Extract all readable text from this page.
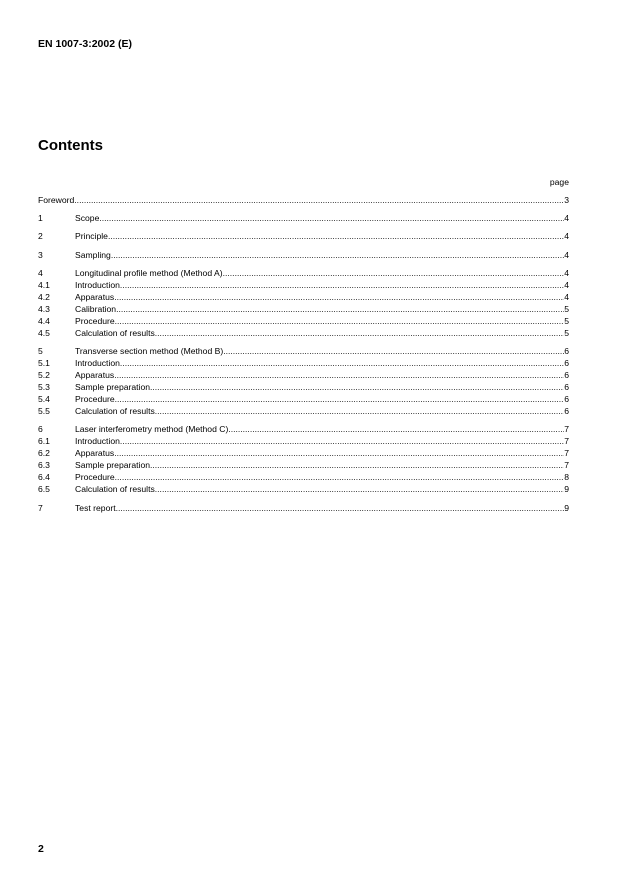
EN 1007-3:2002 (E)
Contents
page
Foreword .....	3
1	Scope .....	4
2	Principle .....	4
3	Sampling .....	4
4	Longitudinal profile method (Method A) .....	4
4.1	Introduction .....	4
4.2	Apparatus .....	4
4.3	Calibration .....	5
4.4	Procedure .....	5
4.5	Calculation of results .....	5
5	Transverse section method (Method B) .....	6
5.1	Introduction .....	6
5.2	Apparatus .....	6
5.3	Sample preparation .....	6
5.4	Procedure .....	6
5.5	Calculation of results .....	6
6	Laser interferometry method (Method C) .....	7
6.1	Introduction .....	7
6.2	Apparatus .....	7
6.3	Sample preparation .....	7
6.4	Procedure .....	8
6.5	Calculation of results .....	9
7	Test report .....	9
2
